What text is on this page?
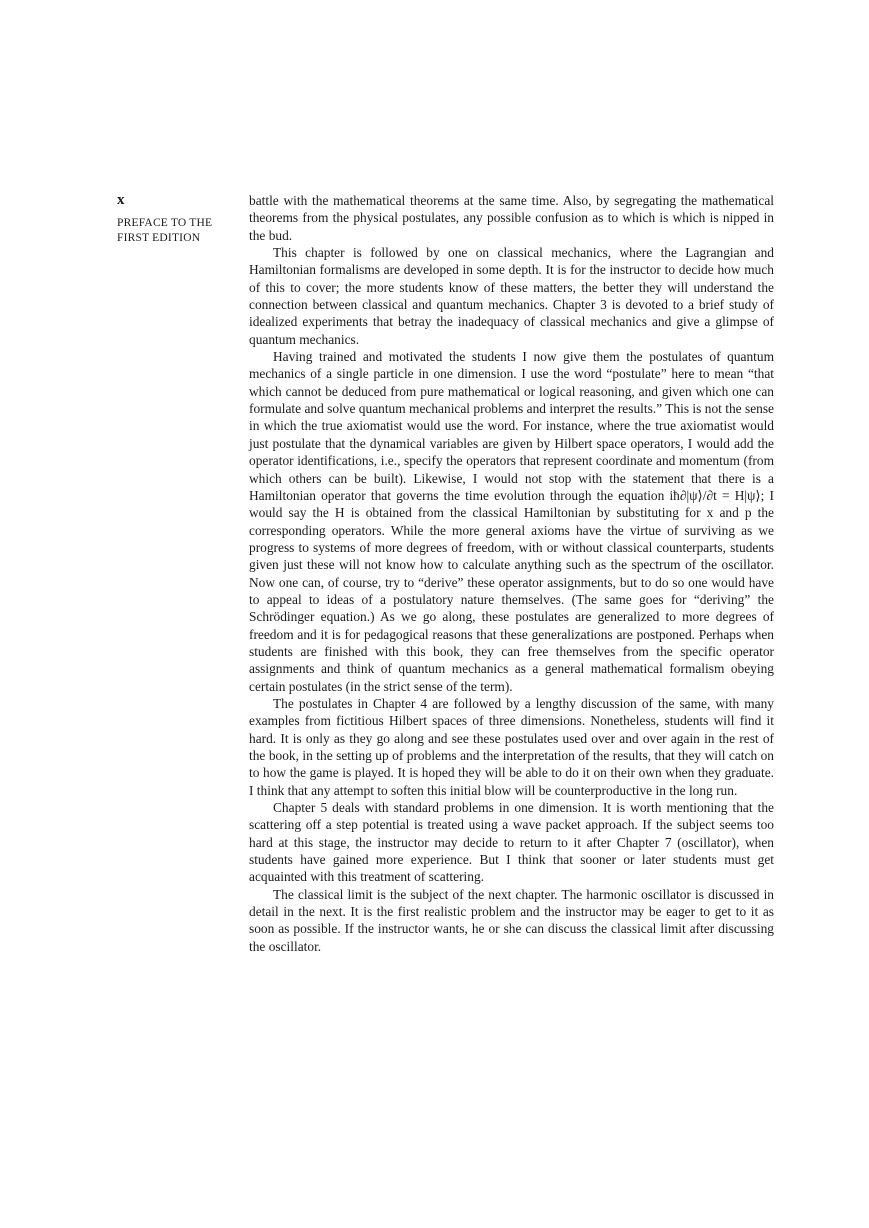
x
PREFACE TO THE
FIRST EDITION

battle with the mathematical theorems at the same time. Also, by segregating the mathematical theorems from the physical postulates, any possible confusion as to which is which is nipped in the bud.

This chapter is followed by one on classical mechanics, where the Lagrangian and Hamiltonian formalisms are developed in some depth. It is for the instructor to decide how much of this to cover; the more students know of these matters, the better they will understand the connection between classical and quantum mechanics. Chapter 3 is devoted to a brief study of idealized experiments that betray the inadequacy of classical mechanics and give a glimpse of quantum mechanics.

Having trained and motivated the students I now give them the postulates of quantum mechanics of a single particle in one dimension. I use the word “postulate” here to mean “that which cannot be deduced from pure mathematical or logical reasoning, and given which one can formulate and solve quantum mechanical problems and interpret the results.” This is not the sense in which the true axiomatist would use the word. For instance, where the true axiomatist would just postulate that the dynamical variables are given by Hilbert space operators, I would add the operator identifications, i.e., specify the operators that represent coordinate and momentum (from which others can be built). Likewise, I would not stop with the statement that there is a Hamiltonian operator that governs the time evolution through the equation iħ∂|ψ⟩/∂t = H|ψ⟩; I would say the H is obtained from the classical Hamiltonian by substituting for x and p the corresponding operators. While the more general axioms have the virtue of surviving as we progress to systems of more degrees of freedom, with or without classical counterparts, students given just these will not know how to calculate anything such as the spectrum of the oscillator. Now one can, of course, try to “derive” these operator assignments, but to do so one would have to appeal to ideas of a postulatory nature themselves. (The same goes for “deriving” the Schrödinger equation.) As we go along, these postulates are generalized to more degrees of freedom and it is for pedagogical reasons that these generalizations are postponed. Perhaps when students are finished with this book, they can free themselves from the specific operator assignments and think of quantum mechanics as a general mathematical formalism obeying certain postulates (in the strict sense of the term).

The postulates in Chapter 4 are followed by a lengthy discussion of the same, with many examples from fictitious Hilbert spaces of three dimensions. Nonetheless, students will find it hard. It is only as they go along and see these postulates used over and over again in the rest of the book, in the setting up of problems and the interpretation of the results, that they will catch on to how the game is played. It is hoped they will be able to do it on their own when they graduate. I think that any attempt to soften this initial blow will be counterproductive in the long run.

Chapter 5 deals with standard problems in one dimension. It is worth mentioning that the scattering off a step potential is treated using a wave packet approach. If the subject seems too hard at this stage, the instructor may decide to return to it after Chapter 7 (oscillator), when students have gained more experience. But I think that sooner or later students must get acquainted with this treatment of scattering.

The classical limit is the subject of the next chapter. The harmonic oscillator is discussed in detail in the next. It is the first realistic problem and the instructor may be eager to get to it as soon as possible. If the instructor wants, he or she can discuss the classical limit after discussing the oscillator.
